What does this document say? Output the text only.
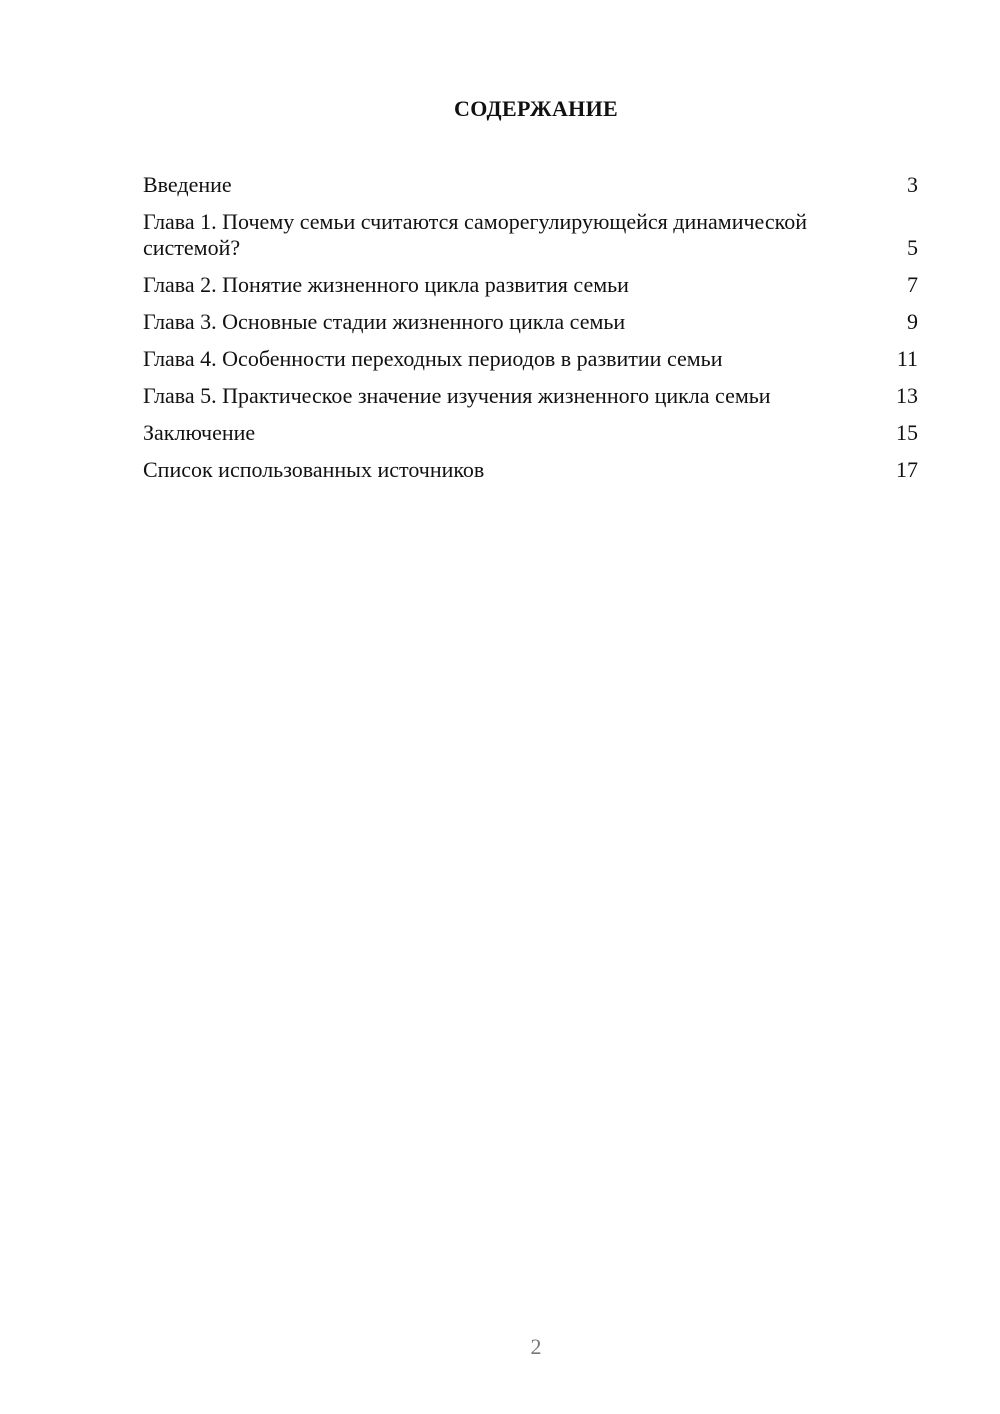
СОДЕРЖАНИЕ
Введение	3
Глава 1. Почему семьи считаются саморегулирующейся динамической системой?	5
Глава 2. Понятие жизненного цикла развития семьи	7
Глава 3. Основные стадии жизненного цикла семьи	9
Глава 4. Особенности переходных периодов в развитии семьи	11
Глава 5. Практическое значение изучения жизненного цикла семьи	13
Заключение	15
Список использованных источников	17
2
